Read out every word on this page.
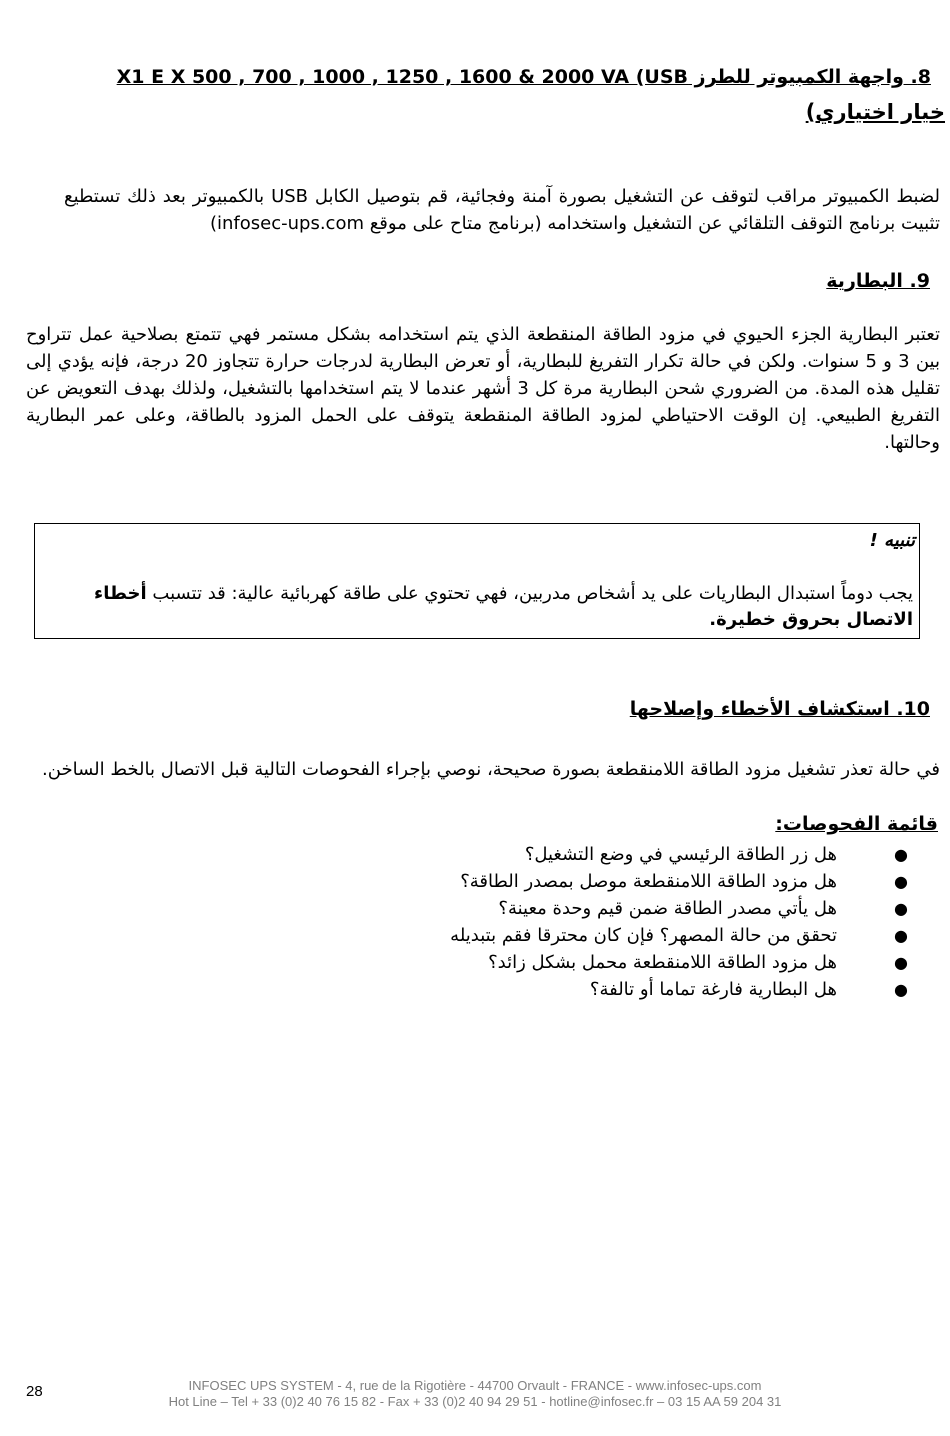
8. واجهة الكمبيوتر للطرز X1 E X 500 , 700 , 1000 , 1250 , 1600 & 2000 VA (USB
خيار اختياري)
لضبط الكمبيوتر مراقب لتوقف عن التشغيل بصورة آمنة وفجائية، قم بتوصيل الكابل USB بالكمبيوتر بعد ذلك تستطيع تثبيت برنامج التوقف التلقائي عن التشغيل واستخدامه (برنامج متاح على موقع infosec-ups.com)
9. البطارية
تعتبر البطارية الجزء الحيوي في مزود الطاقة المنقطعة الذي يتم استخدامه بشكل مستمر فهي تتمتع بصلاحية عمل تتراوح بين 3 و 5 سنوات. ولكن في حالة تكرار التفريغ للبطارية، أو تعرض البطارية لدرجات حرارة تتجاوز 20 درجة، فإنه يؤدي إلى تقليل هذه المدة. من الضروري شحن البطارية مرة كل 3 أشهر عندما لا يتم استخدامها بالتشغيل، ولذلك بهدف التعويض عن التفريغ الطبيعي. إن الوقت الاحتياطي لمزود الطاقة المنقطعة يتوقف على الحمل المزود بالطاقة، وعلى عمر البطارية وحالتها.
تنبيه !
يجب دوماً استبدال البطاريات على يد أشخاص مدربين، فهي تحتوي على طاقة كهربائية عالية: قد تتسبب أخطاء الاتصال بحروق خطيرة.
10. استكشاف الأخطاء وإصلاحها
في حالة تعذر تشغيل مزود الطاقة اللامنقطعة بصورة صحيحة، نوصي بإجراء الفحوصات التالية قبل الاتصال بالخط الساخن.
قائمة الفحوصات:
●
هل زر الطاقة الرئيسي في وضع التشغيل؟
●
هل مزود الطاقة اللامنقطعة موصل بمصدر الطاقة؟
●
هل يأتي مصدر الطاقة ضمن قيم وحدة معينة؟
●
تحقق من حالة المصهر؟ فإن كان محترقا فقم بتبديله
●
هل مزود الطاقة اللامنقطعة محمل بشكل زائد؟
●
هل البطارية فارغة تماما أو تالفة؟
28	INFOSEC UPS SYSTEM - 4, rue de la Rigotière - 44700 Orvault - FRANCE - www.infosec-ups.com
Hot Line – Tel + 33 (0)2 40 76 15 82 - Fax + 33 (0)2 40 94 29 51 - hotline@infosec.fr – 03 15 AA 59 204 31
